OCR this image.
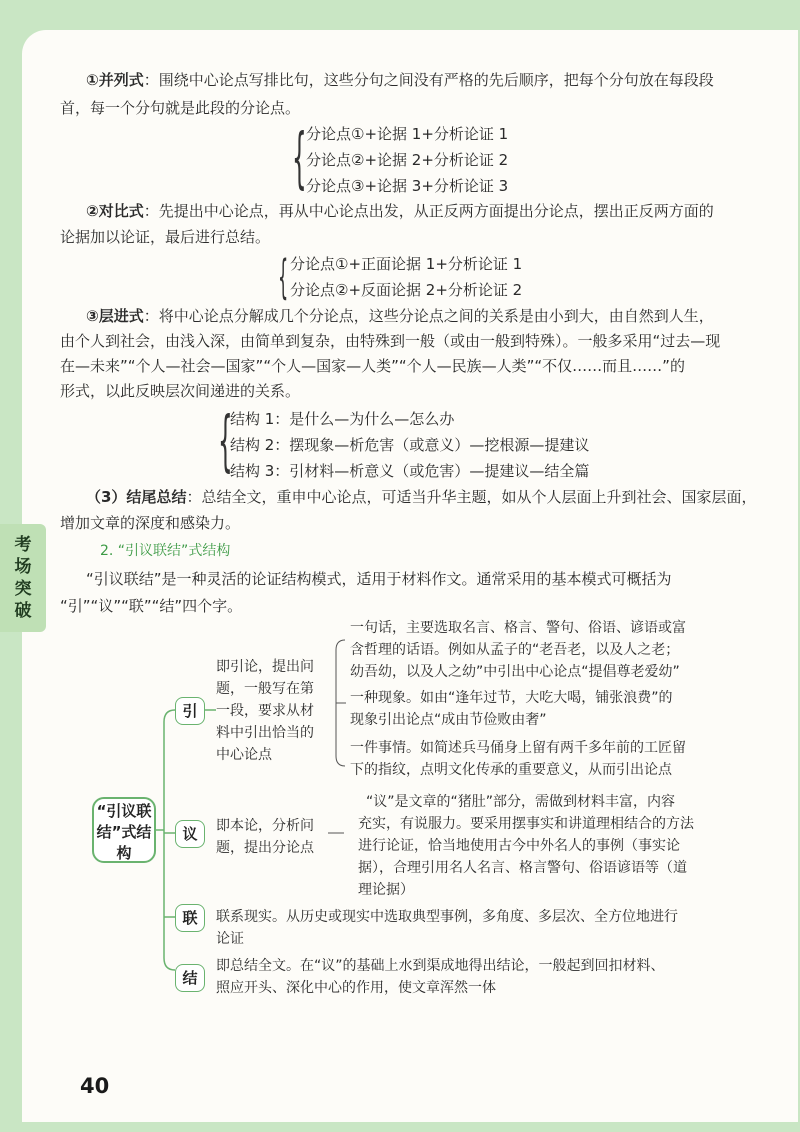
考场突破
①并列式：围绕中心论点写排比句，这些分句之间没有严格的先后顺序，把每个分句放在每段段
首，每一个分句就是此段的分论点。
{ 分论点①+论据 1+分析论证 1
分论点②+论据 2+分析论证 2
分论点③+论据 3+分析论证 3
②对比式：先提出中心论点，再从中心论点出发，从正反两方面提出分论点，摆出正反两方面的
论据加以论证，最后进行总结。
{ 分论点①+正面论据 1+分析论证 1
分论点②+反面论据 2+分析论证 2
③层进式：将中心论点分解成几个分论点，这些分论点之间的关系是由小到大，由自然到人生，
由个人到社会，由浅入深，由简单到复杂，由特殊到一般（或由一般到特殊）。一般多采用“过去—现
在—未来”“个人—社会—国家”“个人—国家—人类”“个人—民族—人类”“不仅……而且……”的
形式，以此反映层次间递进的关系。
{
结构 1：是什么—为什么—怎么办
结构 2：摆现象—析危害（或意义）—挖根源—提建议
结构 3：引材料—析意义（或危害）—提建议—结全篇
（3）结尾总结：总结全文，重申中心论点，可适当升华主题，如从个人层面上升到社会、国家层面，
增加文章的深度和感染力。
2. “引议联结”式结构
“引议联结”是一种灵活的论证结构模式，适用于材料作文。通常采用的基本模式可概括为
“引”“议”“联”“结”四个字。
“引议联结”式结构
引
议
联
结
即引论，提出问
题，一般写在第
一段，要求从材
料中引出恰当的
中心论点
一句话，主要选取名言、格言、警句、俗语、谚语或富
含哲理的话语。例如从孟子的“老吾老，以及人之老；
幼吾幼，以及人之幼”中引出中心论点“提倡尊老爱幼”
一种现象。如由“逢年过节，大吃大喝，铺张浪费”的
现象引出论点“成由节俭败由奢”
一件事情。如简述兵马俑身上留有两千多年前的工匠留
下的指纹，点明文化传承的重要意义，从而引出论点
即本论，分析问
题，提出分论点
“议”是文章的“猪肚”部分，需做到材料丰富，内容
充实，有说服力。要采用摆事实和讲道理相结合的方法
进行论证，恰当地使用古今中外名人的事例（事实论
据），合理引用名人名言、格言警句、俗语谚语等（道
理论据）
联系现实。从历史或现实中选取典型事例，多角度、多层次、全方位地进行
论证
即总结全文。在“议”的基础上水到渠成地得出结论，一般起到回扣材料、
照应开头、深化中心的作用，使文章浑然一体
40
